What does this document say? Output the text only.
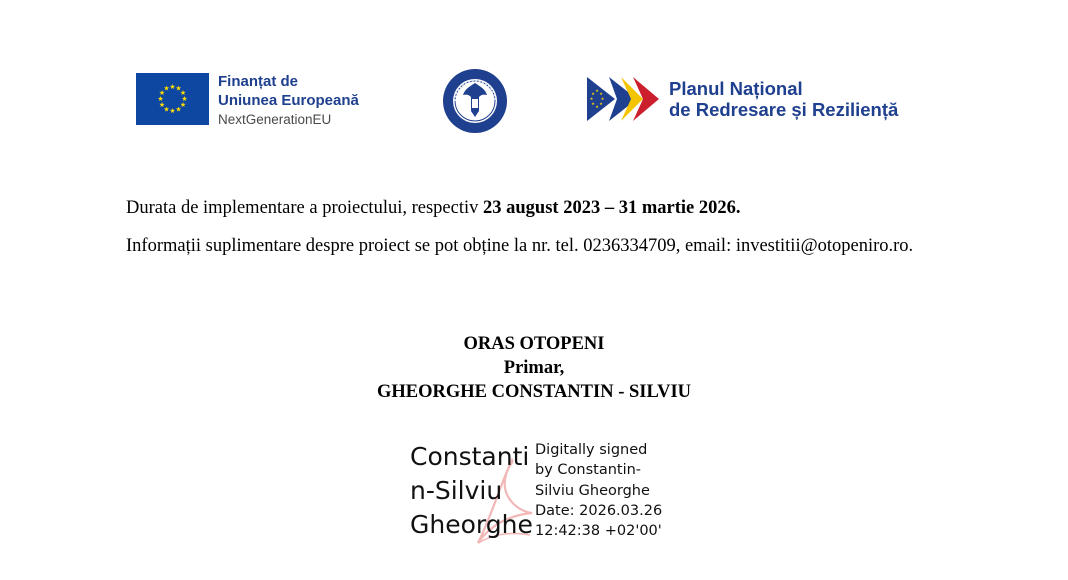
★ ★
★
★
★
★
★
★
★
★
★
★	Finanțat de
Uniunea Europeană
NextGenerationEU
★
★
★
★
★
★
★
★	Planul Național
de Redresare și Reziliență
Durata de implementare a proiectului, respectiv 23 august 2023 – 31 martie 2026.
Informații suplimentare despre proiect se pot obține la nr. tel. 0236334709, email: investitii@otopeniro.ro.
ORAS OTOPENI
Primar,
GHEORGHE CONSTANTIN - SILVIU
Constanti
n-Silviu
Gheorghe
Digitally signed
by Constantin-
Silviu Gheorghe
Date: 2026.03.26
12:42:38 +02'00'
